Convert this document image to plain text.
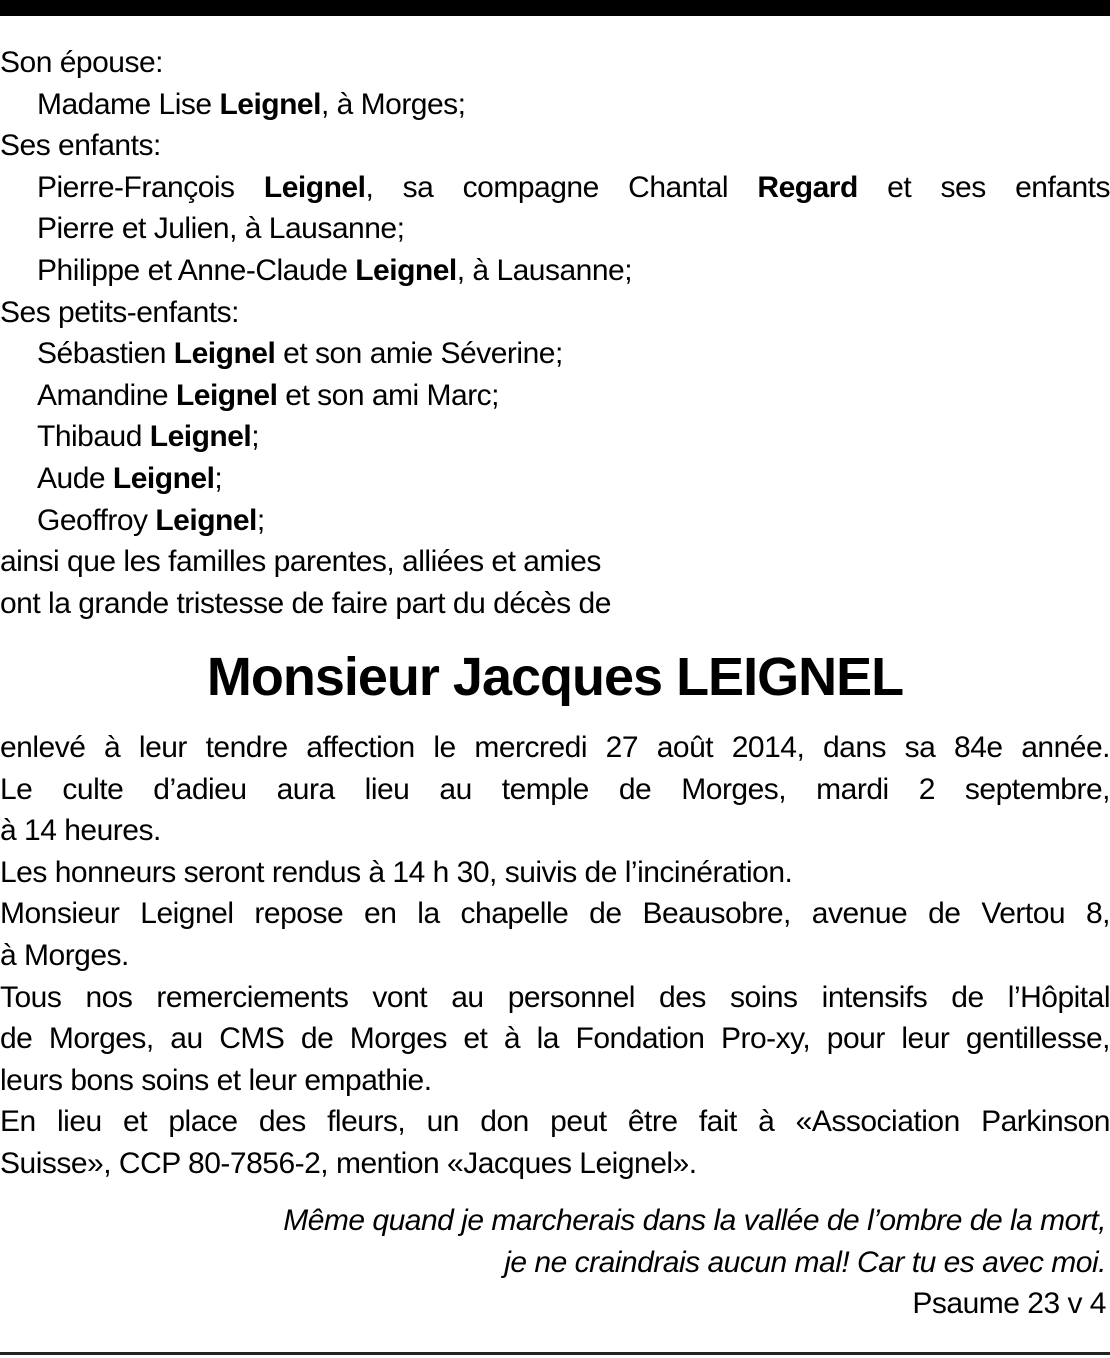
Son épouse:
Madame Lise Leignel, à Morges;
Ses enfants:
Pierre-François Leignel, sa compagne Chantal Regard et ses enfants
Pierre et Julien, à Lausanne;
Philippe et Anne-Claude Leignel, à Lausanne;
Ses petits-enfants:
Sébastien Leignel et son amie Séverine;
Amandine Leignel et son ami Marc;
Thibaud Leignel;
Aude Leignel;
Geoffroy Leignel;
ainsi que les familles parentes, alliées et amies
ont la grande tristesse de faire part du décès de
Monsieur Jacques LEIGNEL
enlevé à leur tendre affection le mercredi 27 août 2014, dans sa 84e année.
Le culte d’adieu aura lieu au temple de Morges, mardi 2 septembre,
à 14 heures.
Les honneurs seront rendus à 14 h 30, suivis de l’incinération.
Monsieur Leignel repose en la chapelle de Beausobre, avenue de Vertou 8,
à Morges.
Tous nos remerciements vont au personnel des soins intensifs de l’Hôpital
de Morges, au CMS de Morges et à la Fondation Pro-xy, pour leur gentillesse,
leurs bons soins et leur empathie.
En lieu et place des fleurs, un don peut être fait à «Association Parkinson
Suisse», CCP 80-7856-2, mention «Jacques Leignel».
Même quand je marcherais dans la vallée de l’ombre de la mort,
je ne craindrais aucun mal! Car tu es avec moi.
Psaume 23 v 4
